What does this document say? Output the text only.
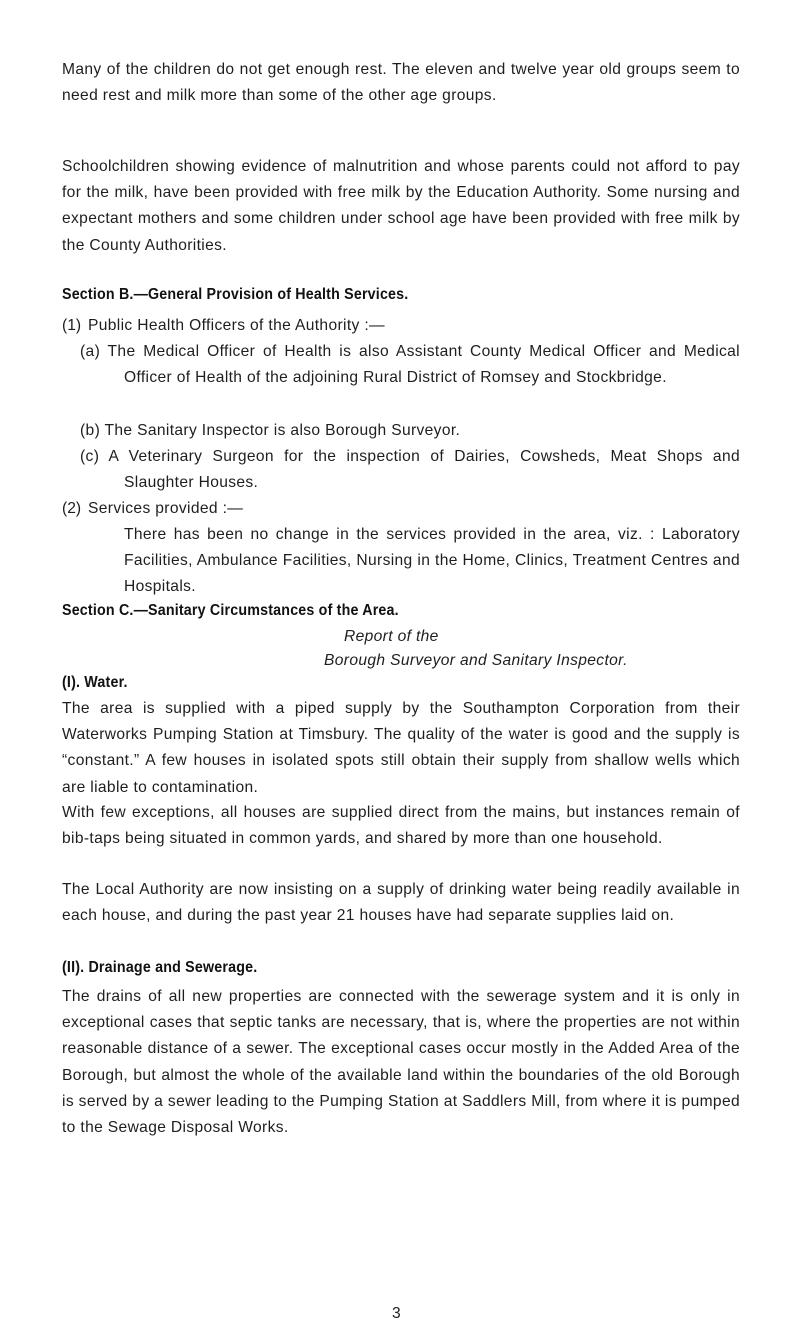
Many of the children do not get enough rest. The eleven and twelve year old groups seem to need rest and milk more than some of the other age groups.

Schoolchildren showing evidence of malnutrition and whose parents could not afford to pay for the milk, have been provided with free milk by the Education Authority. Some nursing and expectant mothers and some children under school age have been provided with free milk by the County Authorities.

Section B.—General Provision of Health Services.
(1) Public Health Officers of the Authority :—

(a) The Medical Officer of Health is also Assistant County Medical Officer and Medical Officer of Health of the adjoining Rural District of Romsey and Stockbridge.

(b) The Sanitary Inspector is also Borough Surveyor.

(c) A Veterinary Surgeon for the inspection of Dairies, Cowsheds, Meat Shops and Slaughter Houses.

(2) Services provided :—

There has been no change in the services provided in the area, viz. : Laboratory Facilities, Ambulance Facilities, Nursing in the Home, Clinics, Treatment Centres and Hospitals.

Section C.—Sanitary Circumstances of the Area.

Report of the

Borough Surveyor and Sanitary Inspector.

(I). Water.

The area is supplied with a piped supply by the Southampton Corporation from their Waterworks Pumping Station at Timsbury. The quality of the water is good and the supply is “constant.” A few houses in isolated spots still obtain their supply from shallow wells which are liable to contamination.

With few exceptions, all houses are supplied direct from the mains, but instances remain of bib-taps being situated in common yards, and shared by more than one household.

The Local Authority are now insisting on a supply of drinking water being readily available in each house, and during the past year 21 houses have had separate supplies laid on.

(II). Drainage and Sewerage.

The drains of all new properties are connected with the sewerage system and it is only in exceptional cases that septic tanks are necessary, that is, where the properties are not within reasonable distance of a sewer. The exceptional cases occur mostly in the Added Area of the Borough, but almost the whole of the available land within the boundaries of the old Borough is served by a sewer leading to the Pumping Station at Saddlers Mill, from where it is pumped to the Sewage Disposal Works.

3
